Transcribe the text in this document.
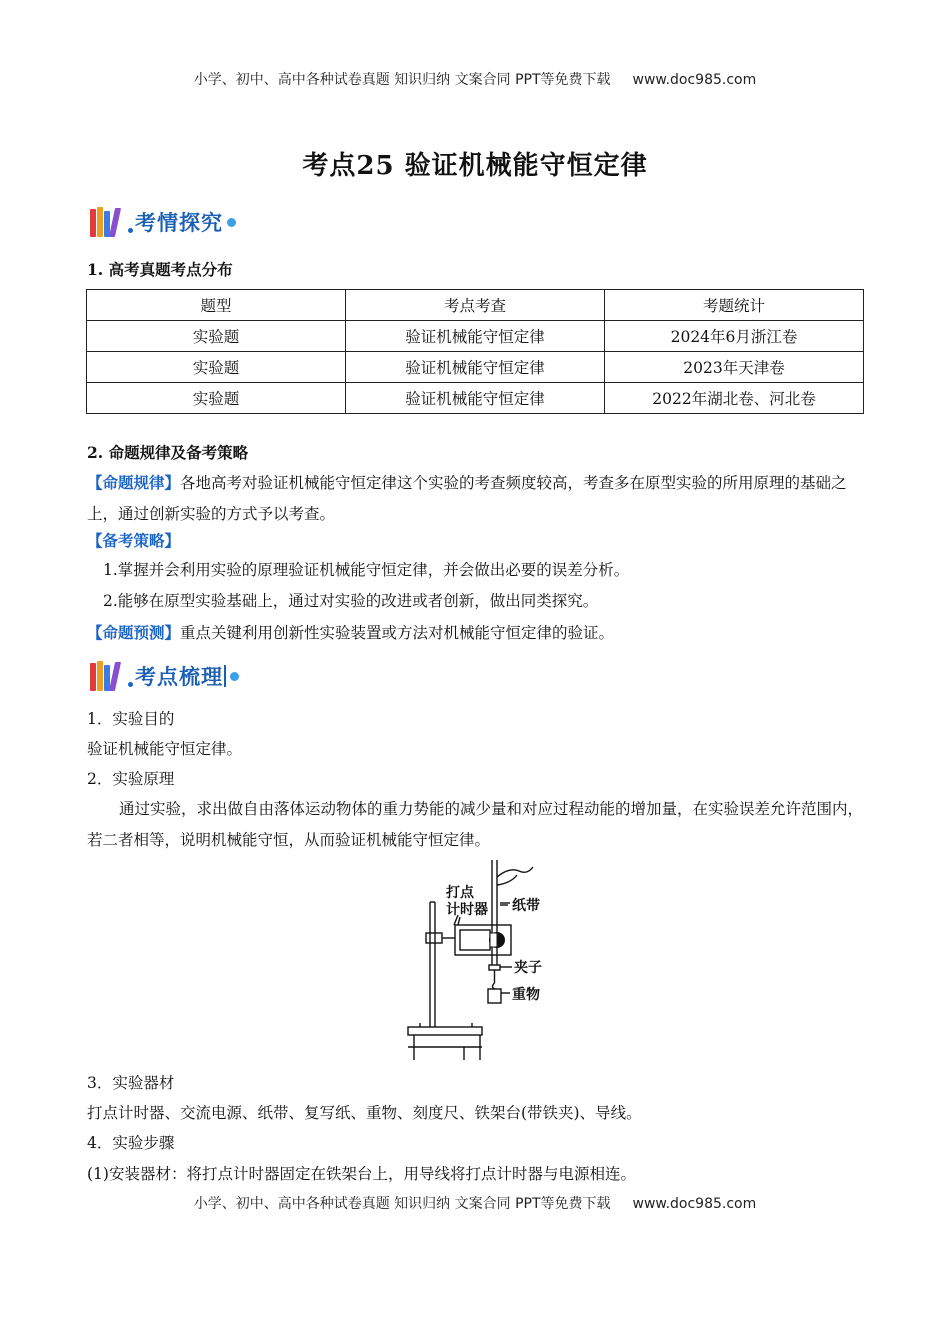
小学、初中、高中各种试卷真题 知识归纳 文案合同 PPT等免费下载 www.doc985.com
考点25 验证机械能守恒定律
考情探究
1. 高考真题考点分布
题型	考点考查	考题统计
实验题	验证机械能守恒定律	2024年6月浙江卷
实验题	验证机械能守恒定律	2023年天津卷
实验题	验证机械能守恒定律	2022年湖北卷、河北卷
2. 命题规律及备考策略
【命题规律】各地高考对验证机械能守恒定律这个实验的考查频度较高，考查多在原型实验的所用原理的基础之上，通过创新实验的方式予以考查。
【备考策略】
1.掌握并会利用实验的原理验证机械能守恒定律，并会做出必要的误差分析。
2.能够在原型实验基础上，通过对实验的改进或者创新，做出同类探究。
【命题预测】重点关键利用创新性实验装置或方法对机械能守恒定律的验证。
考点梳理
1．实验目的
验证机械能守恒定律。
2．实验原理
通过实验，求出做自由落体运动物体的重力势能的减少量和对应过程动能的增加量，在实验误差允许范围内，若二者相等，说明机械能守恒，从而验证机械能守恒定律。
打点
计时器 纸带
夹子
重物
3．实验器材
打点计时器、交流电源、纸带、复写纸、重物、刻度尺、铁架台(带铁夹)、导线。
4．实验步骤
(1)安装器材：将打点计时器固定在铁架台上，用导线将打点计时器与电源相连。
小学、初中、高中各种试卷真题 知识归纳 文案合同 PPT等免费下载 www.doc985.com
